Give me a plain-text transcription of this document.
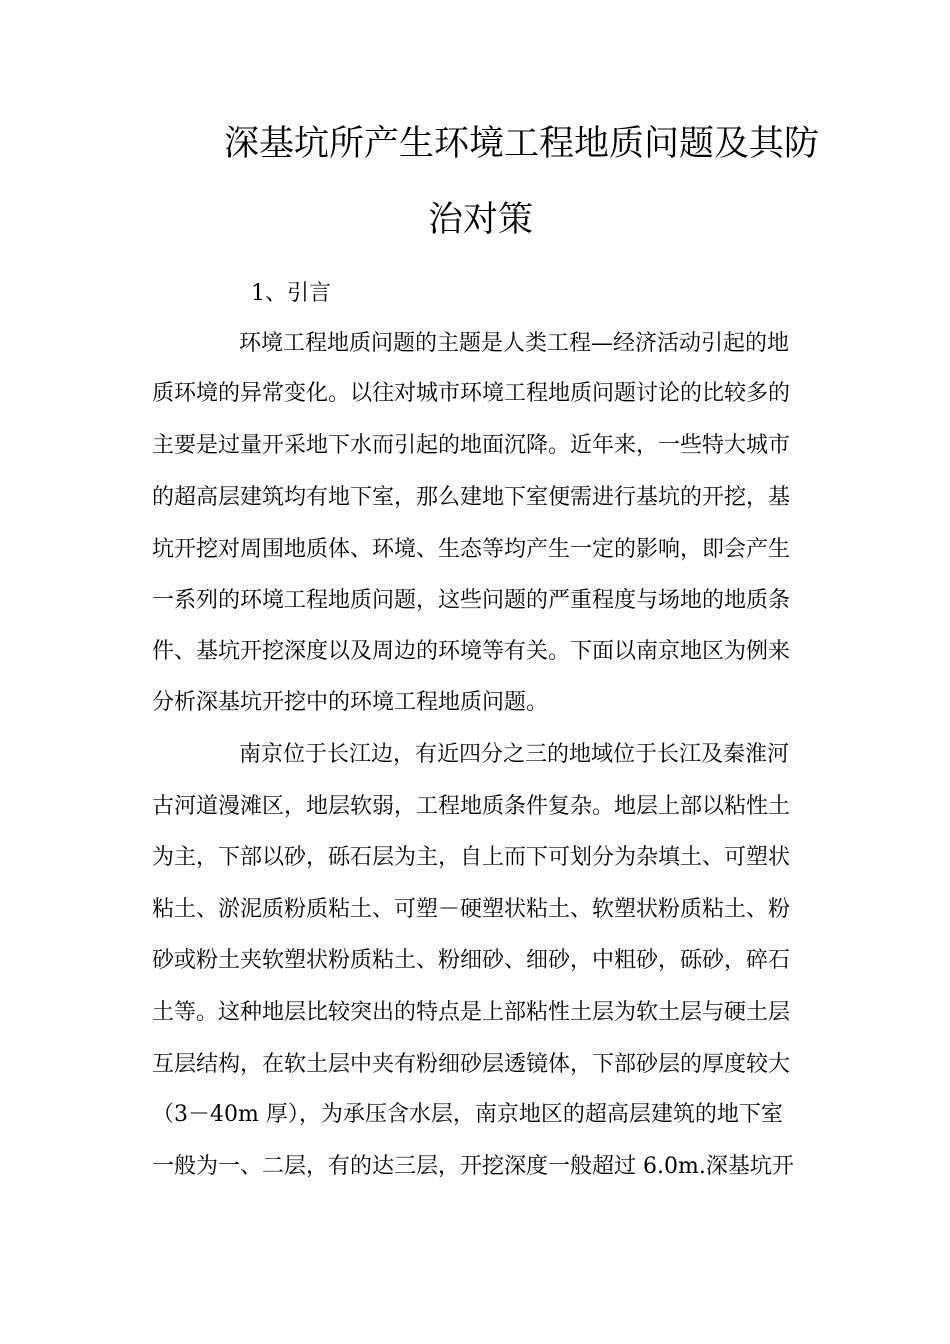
深基坑所产生环境工程地质问题及其防
治对策
1、引言
环境工程地质问题的主题是人类工程—经济活动引起的地
质环境的异常变化。以往对城市环境工程地质问题讨论的比较多的
主要是过量开采地下水而引起的地面沉降。近年来，一些特大城市
的超高层建筑均有地下室，那么建地下室便需进行基坑的开挖，基
坑开挖对周围地质体、环境、生态等均产生一定的影响，即会产生
一系列的环境工程地质问题，这些问题的严重程度与场地的地质条
件、基坑开挖深度以及周边的环境等有关。下面以南京地区为例来
分析深基坑开挖中的环境工程地质问题。
南京位于长江边，有近四分之三的地域位于长江及秦淮河
古河道漫滩区，地层软弱，工程地质条件复杂。地层上部以粘性土
为主，下部以砂，砾石层为主，自上而下可划分为杂填土、可塑状
粘土、淤泥质粉质粘土、可塑－硬塑状粘土、软塑状粉质粘土、粉
砂或粉土夹软塑状粉质粘土、粉细砂、细砂，中粗砂，砾砂，碎石
土等。这种地层比较突出的特点是上部粘性土层为软土层与硬土层
互层结构，在软土层中夹有粉细砂层透镜体，下部砂层的厚度较大
（3－40m 厚），为承压含水层，南京地区的超高层建筑的地下室
一般为一、二层，有的达三层，开挖深度一般超过 6.0m.深基坑开
